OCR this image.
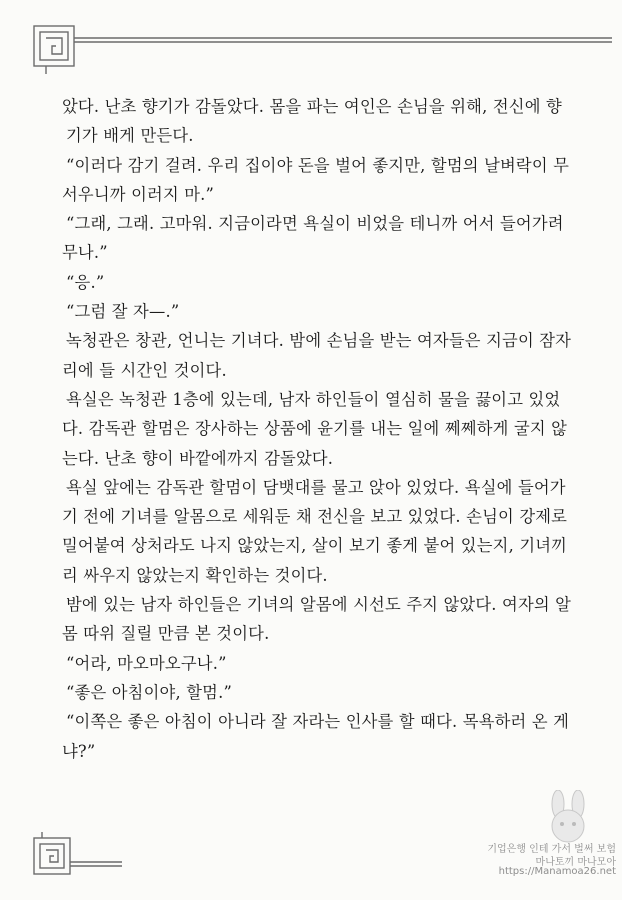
았다. 난초 향기가 감돌았다. 몸을 파는 여인은 손님을 위해, 전신에 향

기가 배게 만든다.

“이러다 감기 걸려. 우리 집이야 돈을 벌어 좋지만, 할멈의 날벼락이 무

서우니까 이러지 마.”

“그래, 그래. 고마워. 지금이라면 욕실이 비었을 테니까 어서 들어가려

무나.”

“응.”

“그럼 잘 자—.”

녹청관은 창관, 언니는 기녀다. 밤에 손님을 받는 여자들은 지금이 잠자

리에 들 시간인 것이다.

욕실은 녹청관 1층에 있는데, 남자 하인들이 열심히 물을 끓이고 있었

다. 감독관 할멈은 장사하는 상품에 윤기를 내는 일에 쩨쩨하게 굴지 않

는다. 난초 향이 바깥에까지 감돌았다.

욕실 앞에는 감독관 할멈이 담뱃대를 물고 앉아 있었다. 욕실에 들어가

기 전에 기녀를 알몸으로 세워둔 채 전신을 보고 있었다. 손님이 강제로

밀어붙여 상처라도 나지 않았는지, 살이 보기 좋게 붙어 있는지, 기녀끼

리 싸우지 않았는지 확인하는 것이다.

밤에 있는 남자 하인들은 기녀의 알몸에 시선도 주지 않았다. 여자의 알

몸 따위 질릴 만큼 본 것이다.

“어라, 마오마오구나.”

“좋은 아침이야, 할멈.”

“이쪽은 좋은 아침이 아니라 잘 자라는 인사를 할 때다. 목욕하러 온 게

냐?”

기업은행 인테 가서 벌써 보험
마나토끼 마나모아
https://Manamoa26.net
